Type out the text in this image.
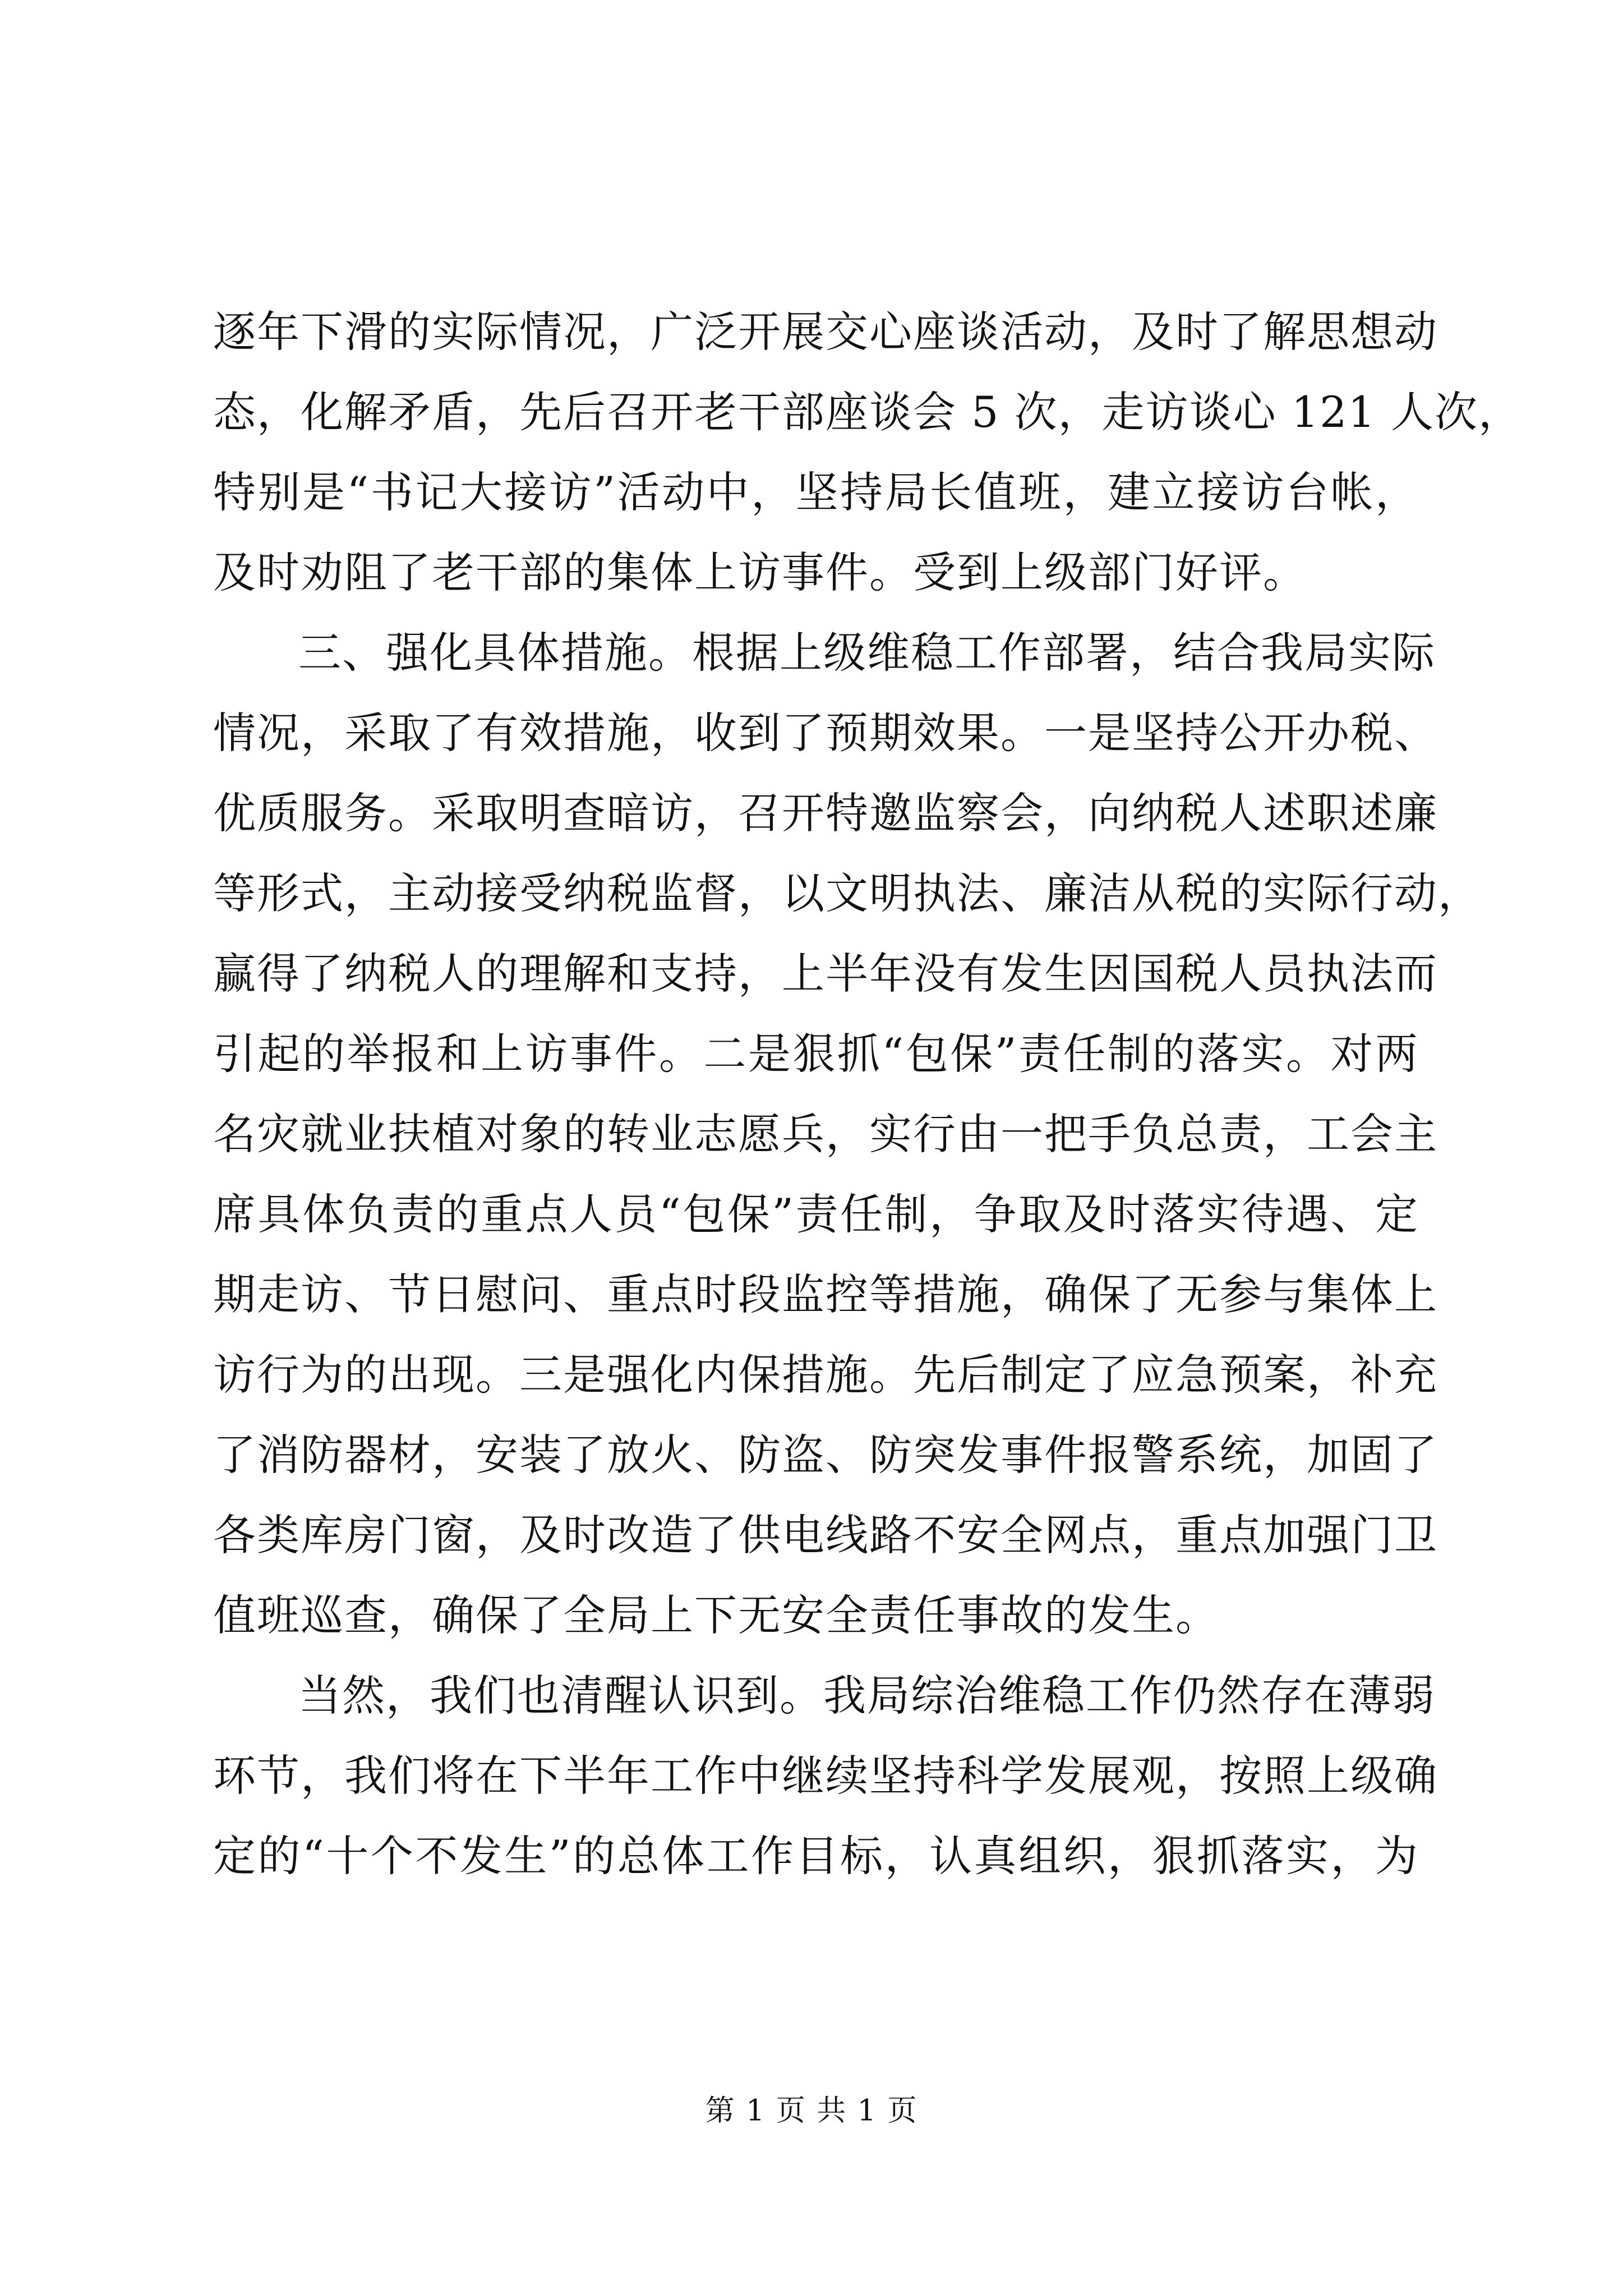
逐年下滑的实际情况，广泛开展交心座谈活动，及时了解思想动
态，化解矛盾，先后召开老干部座谈会 5 次，走访谈心 121 人次，
特别是“书记大接访”活动中，坚持局长值班，建立接访台帐，
及时劝阻了老干部的集体上访事件。受到上级部门好评。

三、强化具体措施。根据上级维稳工作部署，结合我局实际
情况，采取了有效措施，收到了预期效果。一是坚持公开办税、
优质服务。采取明查暗访，召开特邀监察会，向纳税人述职述廉
等形式，主动接受纳税监督，以文明执法、廉洁从税的实际行动，
赢得了纳税人的理解和支持，上半年没有发生因国税人员执法而
引起的举报和上访事件。二是狠抓“包保”责任制的落实。对两
名灾就业扶植对象的转业志愿兵，实行由一把手负总责，工会主
席具体负责的重点人员“包保”责任制，争取及时落实待遇、定
期走访、节日慰问、重点时段监控等措施，确保了无参与集体上
访行为的出现。三是强化内保措施。先后制定了应急预案，补充
了消防器材，安装了放火、防盗、防突发事件报警系统，加固了
各类库房门窗，及时改造了供电线路不安全网点，重点加强门卫
值班巡查，确保了全局上下无安全责任事故的发生。

当然，我们也清醒认识到。我局综治维稳工作仍然存在薄弱
环节，我们将在下半年工作中继续坚持科学发展观，按照上级确
定的“十个不发生”的总体工作目标，认真组织，狠抓落实，为

第 1 页 共 1 页
